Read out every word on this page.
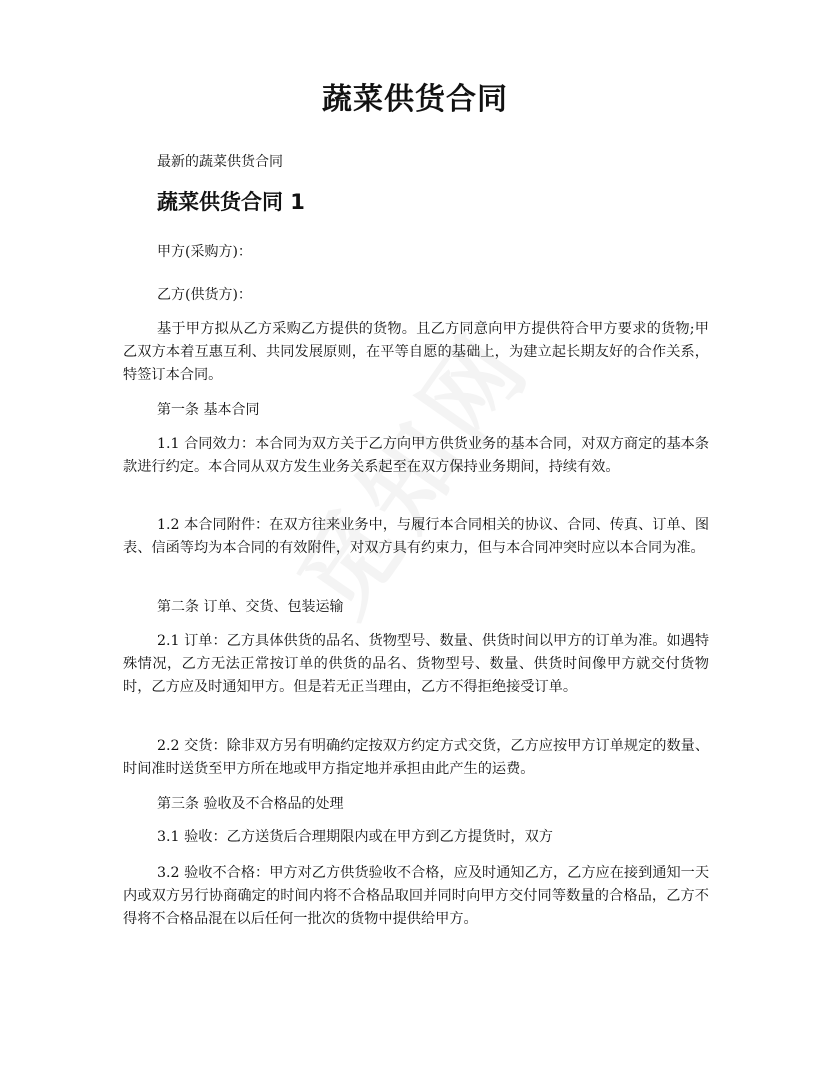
蔬菜供货合同

最新的蔬菜供货合同

蔬菜供货合同 1

甲方(采购方)：

乙方(供货方)：

基于甲方拟从乙方采购乙方提供的货物。且乙方同意向甲方提供符合甲方要求的货物;甲乙双方本着互惠互利、共同发展原则，在平等自愿的基础上，为建立起长期友好的合作关系，特签订本合同。

第一条 基本合同

1.1 合同效力：本合同为双方关于乙方向甲方供货业务的基本合同，对双方商定的基本条款进行约定。本合同从双方发生业务关系起至在双方保持业务期间，持续有效。

1.2 本合同附件：在双方往来业务中，与履行本合同相关的协议、合同、传真、订单、图表、信函等均为本合同的有效附件，对双方具有约束力，但与本合同冲突时应以本合同为准。

第二条 订单、交货、包装运输

2.1 订单：乙方具体供货的品名、货物型号、数量、供货时间以甲方的订单为准。如遇特殊情况，乙方无法正常按订单的供货的品名、货物型号、数量、供货时间像甲方就交付货物时，乙方应及时通知甲方。但是若无正当理由，乙方不得拒绝接受订单。

2.2 交货：除非双方另有明确约定按双方约定方式交货，乙方应按甲方订单规定的数量、时间准时送货至甲方所在地或甲方指定地并承担由此产生的运费。

第三条 验收及不合格品的处理

3.1 验收：乙方送货后合理期限内或在甲方到乙方提货时，双方

3.2 验收不合格：甲方对乙方供货验收不合格，应及时通知乙方，乙方应在接到通知一天内或双方另行协商确定的时间内将不合格品取回并同时向甲方交付同等数量的合格品，乙方不得将不合格品混在以后任何一批次的货物中提供给甲方。
